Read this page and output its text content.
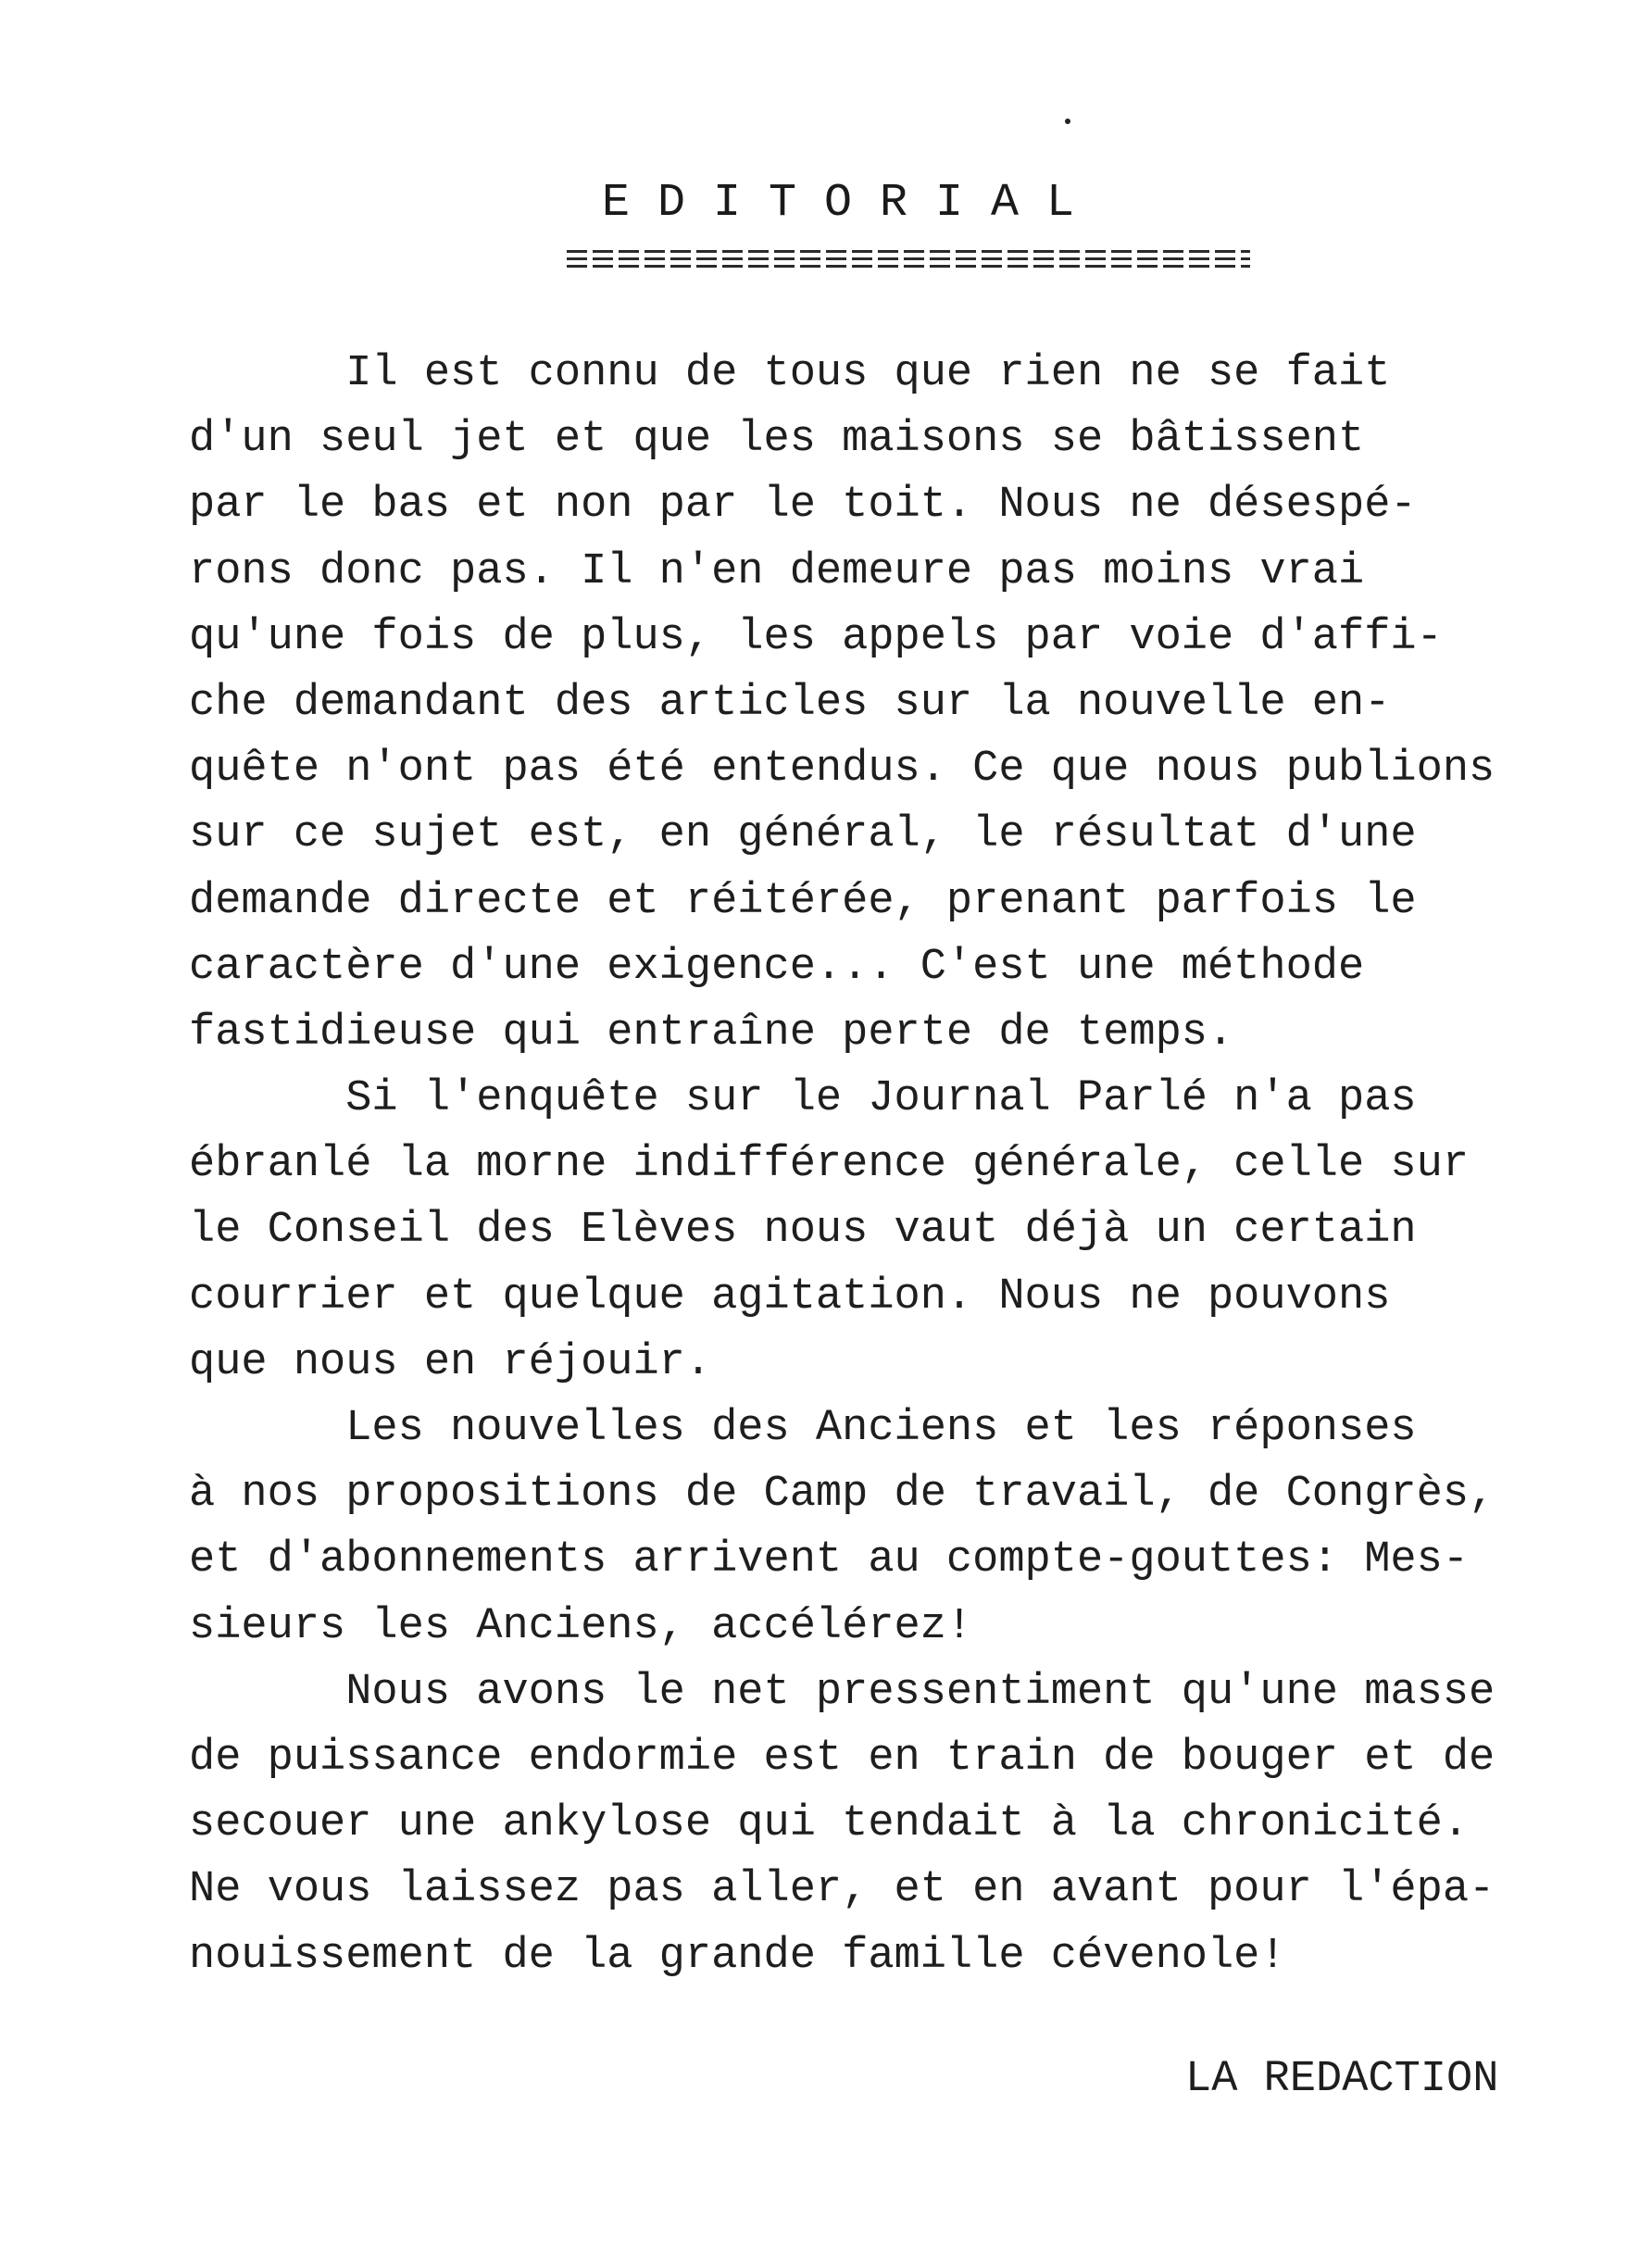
EDITORIAL
Il est connu de tous que rien ne se fait
d'un seul jet et que les maisons se bâtissent
par le bas et non par le toit. Nous ne désespé-
rons donc pas. Il n'en demeure pas moins vrai
qu'une fois de plus, les appels par voie d'affi-
che demandant des articles sur la nouvelle en-
quête n'ont pas été entendus. Ce que nous publions
sur ce sujet est, en général, le résultat d'une
demande directe et réitérée, prenant parfois le
caractère d'une exigence... C'est une méthode
fastidieuse qui entraîne perte de temps.
Si l'enquête sur le Journal Parlé n'a pas
ébranlé la morne indifférence générale, celle sur
le Conseil des Elèves nous vaut déjà un certain
courrier et quelque agitation. Nous ne pouvons
que nous en réjouir.
Les nouvelles des Anciens et les réponses
à nos propositions de Camp de travail, de Congrès,
et d'abonnements arrivent au compte-gouttes: Mes-
sieurs les Anciens, accélérez!
Nous avons le net pressentiment qu'une masse
de puissance endormie est en train de bouger et de
secouer une ankylose qui tendait à la chronicité.
Ne vous laissez pas aller, et en avant pour l'épa-
nouissement de la grande famille cévenole!
LA REDACTION
